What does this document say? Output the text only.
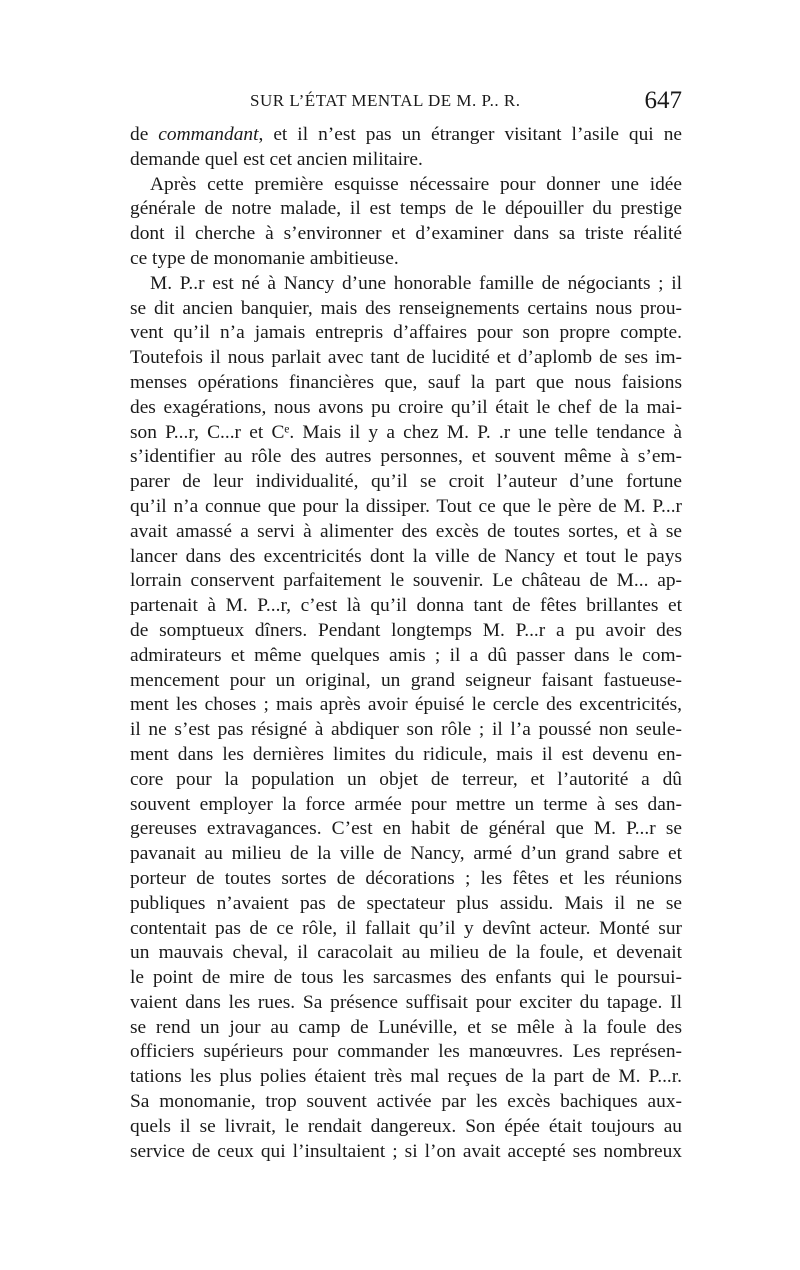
SUR L’ÉTAT MENTAL DE M. P.. R.	647
de commandant, et il n’est pas un étranger visitant l’asile qui ne
demande quel est cet ancien militaire.
Après cette première esquisse nécessaire pour donner une idée
générale de notre malade, il est temps de le dépouiller du prestige
dont il cherche à s’environner et d’examiner dans sa triste réalité
ce type de monomanie ambitieuse.
M. P..r est né à Nancy d’une honorable famille de négociants ; il
se dit ancien banquier, mais des renseignements certains nous prou-
vent qu’il n’a jamais entrepris d’affaires pour son propre compte.
Toutefois il nous parlait avec tant de lucidité et d’aplomb de ses im-
menses opérations financières que, sauf la part que nous faisions
des exagérations, nous avons pu croire qu’il était le chef de la mai-
son P...r, C...r et Cᵉ. Mais il y a chez M. P. .r une telle tendance à
s’identifier au rôle des autres personnes, et souvent même à s’em-
parer de leur individualité, qu’il se croit l’auteur d’une fortune
qu’il n’a connue que pour la dissiper. Tout ce que le père de M. P...r
avait amassé a servi à alimenter des excès de toutes sortes, et à se
lancer dans des excentricités dont la ville de Nancy et tout le pays
lorrain conservent parfaitement le souvenir. Le château de M... ap-
partenait à M. P...r, c’est là qu’il donna tant de fêtes brillantes et
de somptueux dîners. Pendant longtemps M. P...r a pu avoir des
admirateurs et même quelques amis ; il a dû passer dans le com-
mencement pour un original, un grand seigneur faisant fastueuse-
ment les choses ; mais après avoir épuisé le cercle des excentricités,
il ne s’est pas résigné à abdiquer son rôle ; il l’a poussé non seule-
ment dans les dernières limites du ridicule, mais il est devenu en-
core pour la population un objet de terreur, et l’autorité a dû
souvent employer la force armée pour mettre un terme à ses dan-
gereuses extravagances. C’est en habit de général que M. P...r se
pavanait au milieu de la ville de Nancy, armé d’un grand sabre et
porteur de toutes sortes de décorations ; les fêtes et les réunions
publiques n’avaient pas de spectateur plus assidu. Mais il ne se
contentait pas de ce rôle, il fallait qu’il y devînt acteur. Monté sur
un mauvais cheval, il caracolait au milieu de la foule, et devenait
le point de mire de tous les sarcasmes des enfants qui le poursui-
vaient dans les rues. Sa présence suffisait pour exciter du tapage. Il
se rend un jour au camp de Lunéville, et se mêle à la foule des
officiers supérieurs pour commander les manœuvres. Les représen-
tations les plus polies étaient très mal reçues de la part de M. P...r.
Sa monomanie, trop souvent activée par les excès bachiques aux-
quels il se livrait, le rendait dangereux. Son épée était toujours au
service de ceux qui l’insultaient ; si l’on avait accepté ses nombreux
